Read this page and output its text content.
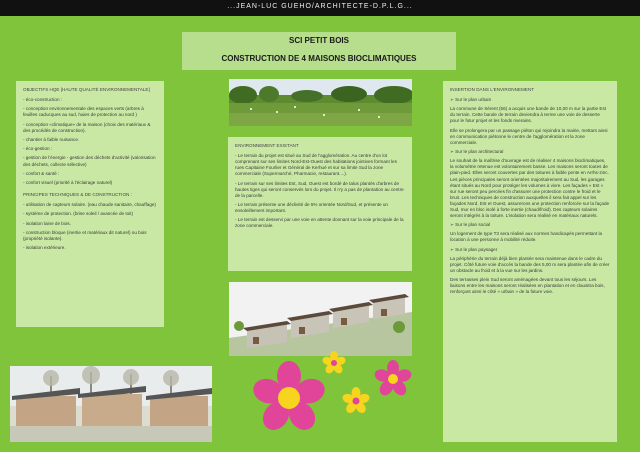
...JEAN-LUC GUEHO/ARCHITECTE-D.P.L.G...
SCI PETIT BOIS
CONSTRUCTION DE 4 MAISONS BIOCLIMATIQUES

OBJECTIFS HQE [HAUTE QUALITÉ ENVIRONNEMENTALE]

- éco-construction :

- conception environnementale des espaces verts (arbres à feuilles caducques au sud, haies de protection au nord )

- conception «climatique» de la maison (choix des matériaux & des procédés de construction).

- chantier à faible nuisance.

- éco-gestion :

- gestion de l'énergie - gestion des déchets d'activité (valorisation des déchets, collecte sélective)

- confort & santé :

- confort visuel (priorité à l'éclairage naturel)

PRINCIPES TECHNIQUES & DE CONSTRUCTION :

- utilisation de capteurs solaire. (eau chaude sanitaire, chauffage)

- système de protection. (brise soleil / avancée de toit)

- isolation laine de bois.

- construction bloque (inertie et matériaux dit naturel) ou bois (propriété isolante).

- isolation extérieure.

ENVIRONNEMENT EXISTANT

- Le terrain du projet est situé au Sud de l'agglomération. Au centre d'un lot comprenant sur ses limites Nord-Est-Ouest des habitations jointives formant les rues Capitaine Fourlier et Général de Kerhué et sur sa limite Sud la zone commerciale (Supermarché, Pharmacie, restaurant....).

- Le terrain sur ses limites Est, Sud, Ouest est bordé de talus plantés d'arbres de hautes tiges qui seront conservés lors du projet. Il n'y a pas de plantation au centre de la parcelle.

- Le terrain présente une déclivité de 5% orientée Nord/Sud, et présente un ensoleillement important.

- Le terrain est desservi par une voie en attente donnant sur la voie principale de la zone commerciale.

INSERTION DANS L'ENVIRONNEMENT

➢ Sur le plan urbain

La commune de Sérent (56) a acquis une bande de 10,00 m sur la partie Est du terrain. Cette bande de terrain deviendra à terme une voie de desserte pour le futur projet et les fonds riverains.

Elle se prolongera par un passage piéton qui rejoindra la mairie, mettant ainsi en communication piétonne le centre de l'agglomération et la zone commerciale.

➢ Sur le plan architectural

Le souhait de la maîtrise d'ouvrage est de réaliser 4 maisons bioclimatiques, la volumétrie retenue est volontairement basse. Les maisons seront toutes de plain-pied. Elles seront couvertes par des toitures à faible pente en Arrhs-zinc. Les pièces principales seront orientées majoritairement au Sud, les garages étant situés au Nord pour protéger les volumes à vivre. Les façades « Est » sur rue seront peu percées fin d'assurer une protection contre le froid et le bruit. Les techniques de construction auxquelles il sera fait appel sur les façades Nord, Est et Ouest, assurerons une protection renforcée sur la façade Sud, mur en bloc isolé à forte inertie (chaud/froid). Des capteurs solaires seront intégrés à la toiture. L'isolation sera réalisé en matériaux naturels.

➢ Sur le plan social

Un logement de type T3 sera réalisé aux normes handicapés permettant la location à une personne à mobilité réduite.

➢ Sur le plan paysager

La périphérie du terrain déjà bien plantée sera maintenue dans le cadre du projet. Côté future voie d'accès la bande des 5,00 m sera plantée afin de créer un obstacle au froid et à la vue sur les jardins.

Des terrasses plein Sud seront aménagées devant tous les séjours. Les liaisons entre les maisons seront réalisées en plantation et en clausitra bois, renforçant ainsi le côté « urbain » de la future voie.
